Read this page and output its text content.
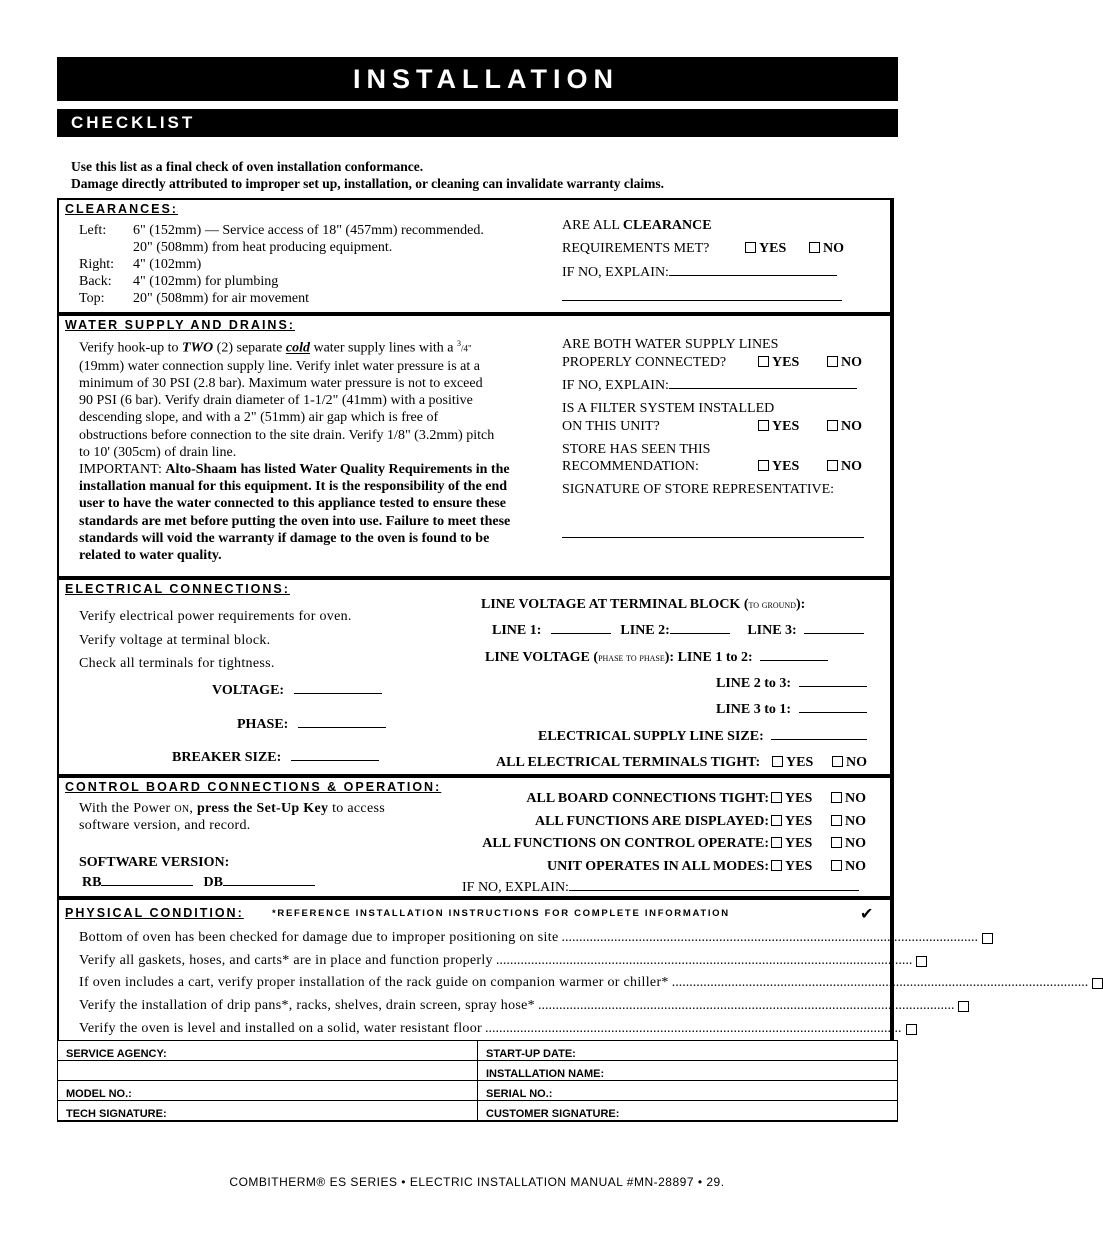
INSTALLATION
CHECKLIST
Use this list as a final check of oven installation conformance.
Damage directly attributed to improper set up, installation, or cleaning can invalidate warranty claims.
CLEARANCES:
Left: 6" (152mm) — Service access of 18" (457mm) recommended.
20" (508mm) from heat producing equipment.
Right: 4" (102mm)
Back: 4" (102mm) for plumbing
Top: 20" (508mm) for air movement
ARE ALL CLEARANCE
REQUIREMENTS MET?	YES	NO
IF NO, EXPLAIN:
WATER SUPPLY AND DRAINS:
Verify hook-up to TWO (2) separate cold water supply lines with a $^3$/4"
(19mm) water connection supply line. Verify inlet water pressure is at a
minimum of 30 PSI (2.8 bar). Maximum water pressure is not to exceed
90 PSI (6 bar). Verify drain diameter of 1-1/2" (41mm) with a positive
descending slope, and with a 2" (51mm) air gap which is free of
obstructions before connection to the site drain. Verify 1/8" (3.2mm) pitch
to 10' (305cm) of drain line.
IMPORTANT: Alto-Shaam has listed Water Quality Requirements in the
installation manual for this equipment. It is the responsibility of the end
user to have the water connected to this appliance tested to ensure these
standards are met before putting the oven into use. Failure to meet these
standards will void the warranty if damage to the oven is found to be
related to water quality.
ARE BOTH WATER SUPPLY LINES
PROPERLY CONNECTED?	YES	NO
IF NO, EXPLAIN:
IS A FILTER SYSTEM INSTALLED
ON THIS UNIT?	YES	NO
STORE HAS SEEN THIS
RECOMMENDATION:	YES	NO
SIGNATURE OF STORE REPRESENTATIVE:
ELECTRICAL CONNECTIONS:
Verify electrical power requirements for oven.
Verify voltage at terminal block.
Check all terminals for tightness.
VOLTAGE:
PHASE:
BREAKER SIZE:
LINE VOLTAGE AT TERMINAL BLOCK (to ground):
LINE 1:	LINE 2:	LINE 3:
LINE VOLTAGE (phase to phase): LINE 1 to 2:
LINE 2 to 3:
LINE 3 to 1:
ELECTRICAL SUPPLY LINE SIZE:
ALL ELECTRICAL TERMINALS TIGHT:	YES	NO
CONTROL BOARD CONNECTIONS & OPERATION:
With the Power on, press the Set-Up Key to access
software version, and record.
SOFTWARE VERSION:
RB	DB
ALL BOARD CONNECTIONS TIGHT:	YES	NO
ALL FUNCTIONS ARE DISPLAYED:	YES	NO
ALL FUNCTIONS ON CONTROL OPERATE:	YES	NO
UNIT OPERATES IN ALL MODES:	YES	NO
IF NO, EXPLAIN:
PHYSICAL CONDITION:	*REFERENCE INSTALLATION INSTRUCTIONS FOR COMPLETE INFORMATION	✔
Bottom of oven has been checked for damage due to improper positioning on site .......................................................................................................................
Verify all gaskets, hoses, and carts* are in place and function properly .......................................................................................................................
If oven includes a cart, verify proper installation of the rack guide on companion warmer or chiller* .......................................................................................................................
Verify the installation of drip pans*, racks, shelves, drain screen, spray hose* .......................................................................................................................
Verify the oven is level and installed on a solid, water resistant floor .......................................................................................................................
SERVICE AGENCY:	START-UP DATE:
	INSTALLATION NAME:
MODEL NO.:	SERIAL NO.:
TECH SIGNATURE:	CUSTOMER SIGNATURE:
COMBITHERM® ES SERIES • ELECTRIC INSTALLATION MANUAL #MN-28897 • 29.
